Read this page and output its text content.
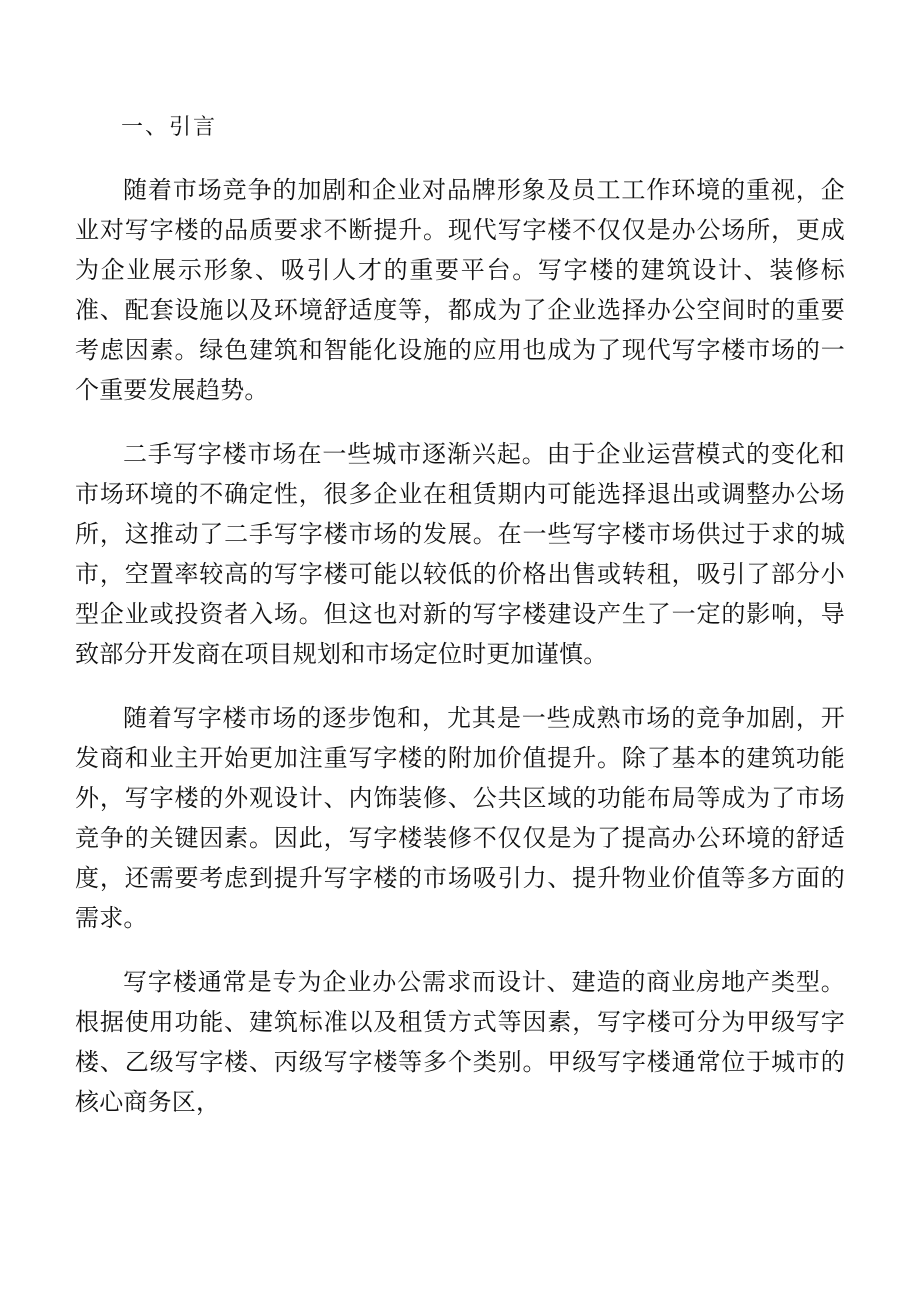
一、引言

随着市场竞争的加剧和企业对品牌形象及员工工作环境的重视，企业对写字楼的品质要求不断提升。现代写字楼不仅仅是办公场所，更成为企业展示形象、吸引人才的重要平台。写字楼的建筑设计、装修标准、配套设施以及环境舒适度等，都成为了企业选择办公空间时的重要考虑因素。绿色建筑和智能化设施的应用也成为了现代写字楼市场的一个重要发展趋势。

二手写字楼市场在一些城市逐渐兴起。由于企业运营模式的变化和市场环境的不确定性，很多企业在租赁期内可能选择退出或调整办公场所，这推动了二手写字楼市场的发展。在一些写字楼市场供过于求的城市，空置率较高的写字楼可能以较低的价格出售或转租，吸引了部分小型企业或投资者入场。但这也对新的写字楼建设产生了一定的影响，导致部分开发商在项目规划和市场定位时更加谨慎。

随着写字楼市场的逐步饱和，尤其是一些成熟市场的竞争加剧，开发商和业主开始更加注重写字楼的附加价值提升。除了基本的建筑功能外，写字楼的外观设计、内饰装修、公共区域的功能布局等成为了市场竞争的关键因素。因此，写字楼装修不仅仅是为了提高办公环境的舒适度，还需要考虑到提升写字楼的市场吸引力、提升物业价值等多方面的需求。

写字楼通常是专为企业办公需求而设计、建造的商业房地产类型。根据使用功能、建筑标准以及租赁方式等因素，写字楼可分为甲级写字楼、乙级写字楼、丙级写字楼等多个类别。甲级写字楼通常位于城市的核心商务区，
